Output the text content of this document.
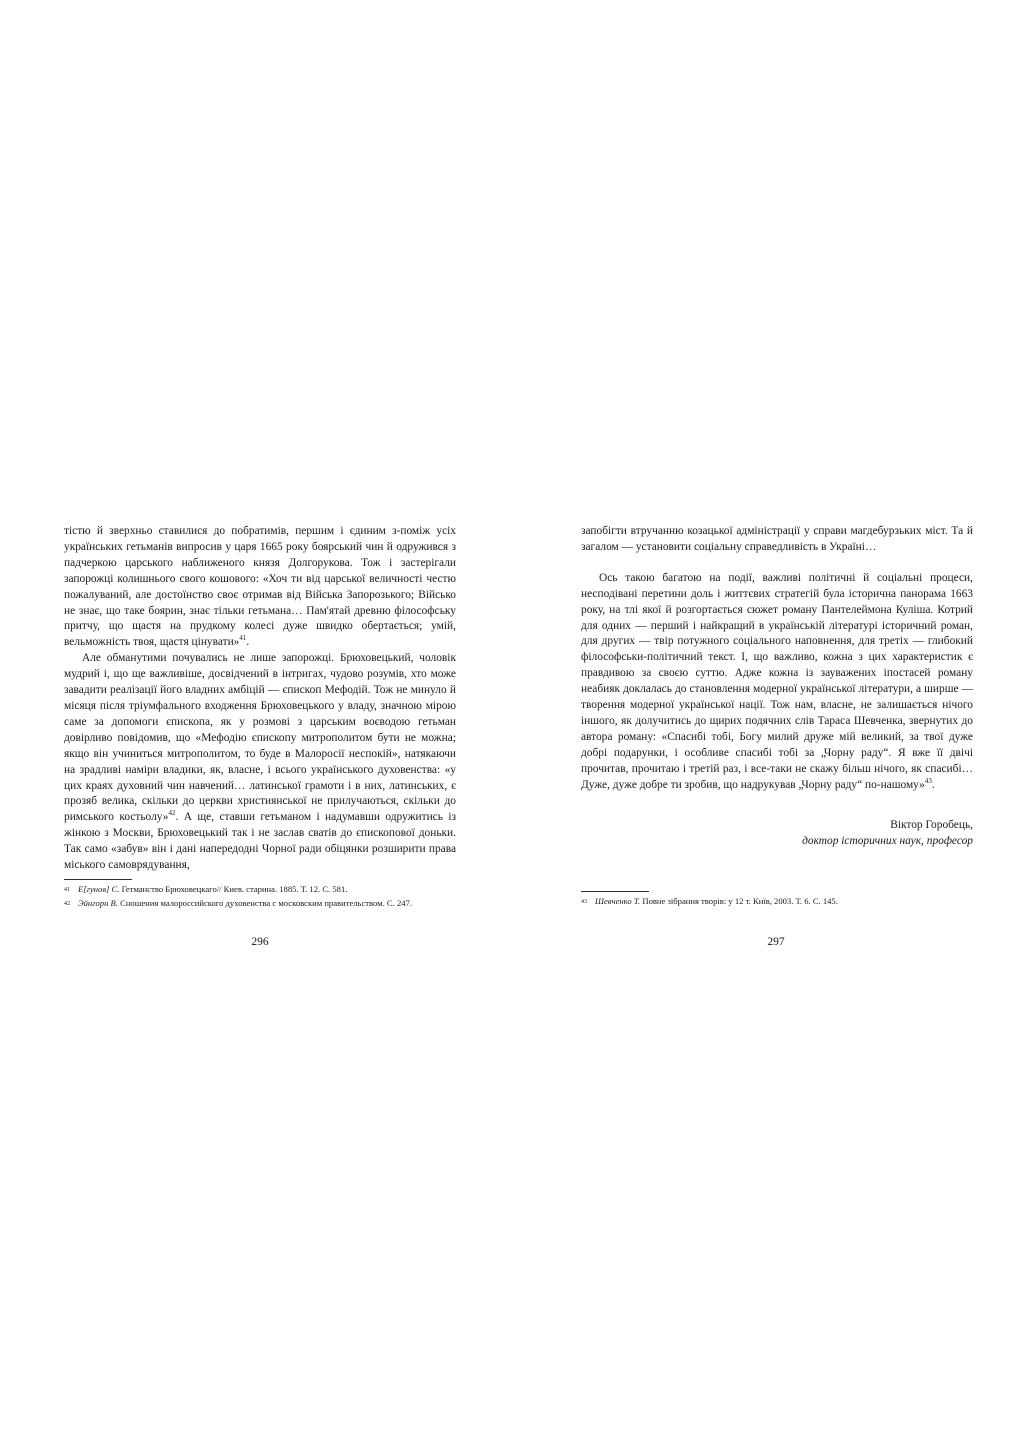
тістю й зверхньо ставилися до побратимів, першим і єдиним з-поміж усіх українських гетьманів випросив у царя 1665 року боярський чин й одружився з падчеркою царського наближеного князя Долгорукова. Тож і застерігали запорожці колишнього свого кошового: «Хоч ти від царської величності честю пожалуваний, але достоїнство своє отримав від Війська Запорозького; Військо не знає, що таке боярин, знає тільки гетьмана… Пам'ятай древню філософську притчу, що щастя на прудкому колесі дуже швидко обертається; умій, вельможність твоя, щастя цінувати»$^{41}$.

Але обманутими почувались не лише запорожці. Брюховецький, чоловік мудрий і, що ще важливіше, досвідчений в інтригах, чудово розумів, хто може завадити реалізації його владних амбіцій — єпископ Мефодій. Тож не минуло й місяця після тріумфального входження Брюховецького у владу, значною мірою саме за допомоги єпископа, як у розмові з царським воєводою гетьман довірливо повідомив, що «Мефодію єпископу митрополитом бути не можна; якщо він учиниться митрополитом, то буде в Малоросії неспокій», натякаючи на зрадливі наміри владики, як, власне, і всього українського духовенства: «у цих краях духовний чин навчений… латинської грамоти і в них, латинських, є прозяб велика, скільки до церкви християнської не прилучаються, скільки до римського костьолу»$^{42}$. А ще, ставши гетьманом і надумавши одружитись із жінкою з Москви, Брюховецький так і не заслав сватів до єпископової доньки. Так само «забув» він і дані напередодні Чорної ради обіцянки розширити права міського самоврядування,

41 Е[гунов] С. Гетманство Брюховецкаго// Киев. старина. 1885. Т. 12. С. 581.
42 Эйнгорн В. Сношения малороссийского духовенства с московским правительством. С. 247.
296

запобігти втручанню козацької адміністрації у справи магдебурзьких міст. Та й загалом — установити соціальну справедливість в Україні…

Ось такою багатою на події, важливі політичні й соціальні процеси, несподівані перетини доль і життєвих стратегій була історична панорама 1663 року, на тлі якої й розгортається сюжет роману Пантелеймона Куліша. Котрий для одних — перший і найкращий в українській літературі історичний роман, для других — твір потужного соціального наповнення, для третіх — глибокий філософськи-політичний текст. І, що важливо, кожна з цих характеристик є правдивою за своєю суттю. Адже кожна із зауважених іпостасей роману неабияк доклалась до становлення модерної української літератури, а ширше — творення модерної української нації. Тож нам, власне, не залишається нічого іншого, як долучитись до щирих подячних слів Тараса Шевченка, звернутих до автора роману: «Спасибі тобі, Богу милий друже мій великий, за твої дуже добрі подарунки, і особливе спасибі тобі за „Чорну раду“. Я вже її двічі прочитав, прочитаю і третій раз, і все-таки не скажу більш нічого, як спасибі… Дуже, дуже добре ти зробив, що надрукував „Чорну раду“ по-нашому»$^{43}$.

Віктор Горобець,
доктор історичних наук, професор
43 Шевченко Т. Повне зібрання творів: у 12 т. Київ, 2003. Т. 6. С. 145.
297
